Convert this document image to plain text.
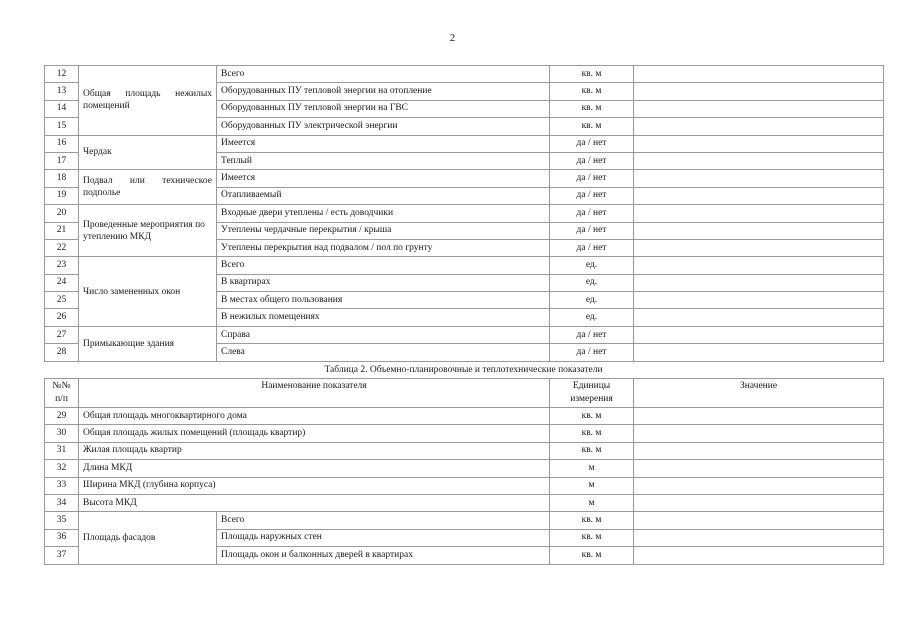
2
12	Общая площадь нежилых помещений	Всего	кв. м	
13		Оборудованных ПУ тепловой энергии на отопление	кв. м	
14		Оборудованных ПУ тепловой энергии на ГВС	кв. м	
15		Оборудованных ПУ электрической энергии	кв. м	
16	Чердак	Имеется	да / нет	
17		Теплый	да / нет	
18	Подвал или техническое подполье	Имеется	да / нет	
19		Отапливаемый	да / нет	
20	Проведенные мероприятия по утеплению МКД	Входные двери утеплены / есть доводчики	да / нет	
21		Утеплены чердачные перекрытия / крыша	да / нет	
22		Утеплены перекрытия над подвалом / пол по грунту	да / нет	
23	Число замененных окон	Всего	ед.	
24		В квартирах	ед.	
25		В местах общего пользования	ед.	
26		В нежилых помещениях	ед.	
27	Примыкающие здания	Справа	да / нет	
28		Слева	да / нет	
Таблица 2. Объемно-планировочные и теплотехнические показатели
№№ п/п	Наименование показателя		Единицы измерения	Значение
29	Общая площадь многоквартирного дома		кв. м	
30	Общая площадь жилых помещений (площадь квартир)		кв. м	
31	Жилая площадь квартир		кв. м	
32	Длина МКД		м	
33	Ширина МКД (глубина корпуса)		м	
34	Высота МКД		м	
35	Площадь фасадов	Всего	кв. м	
36		Площадь наружных стен	кв. м	
37		Площадь окон и балконных дверей в квартирах	кв. м	
